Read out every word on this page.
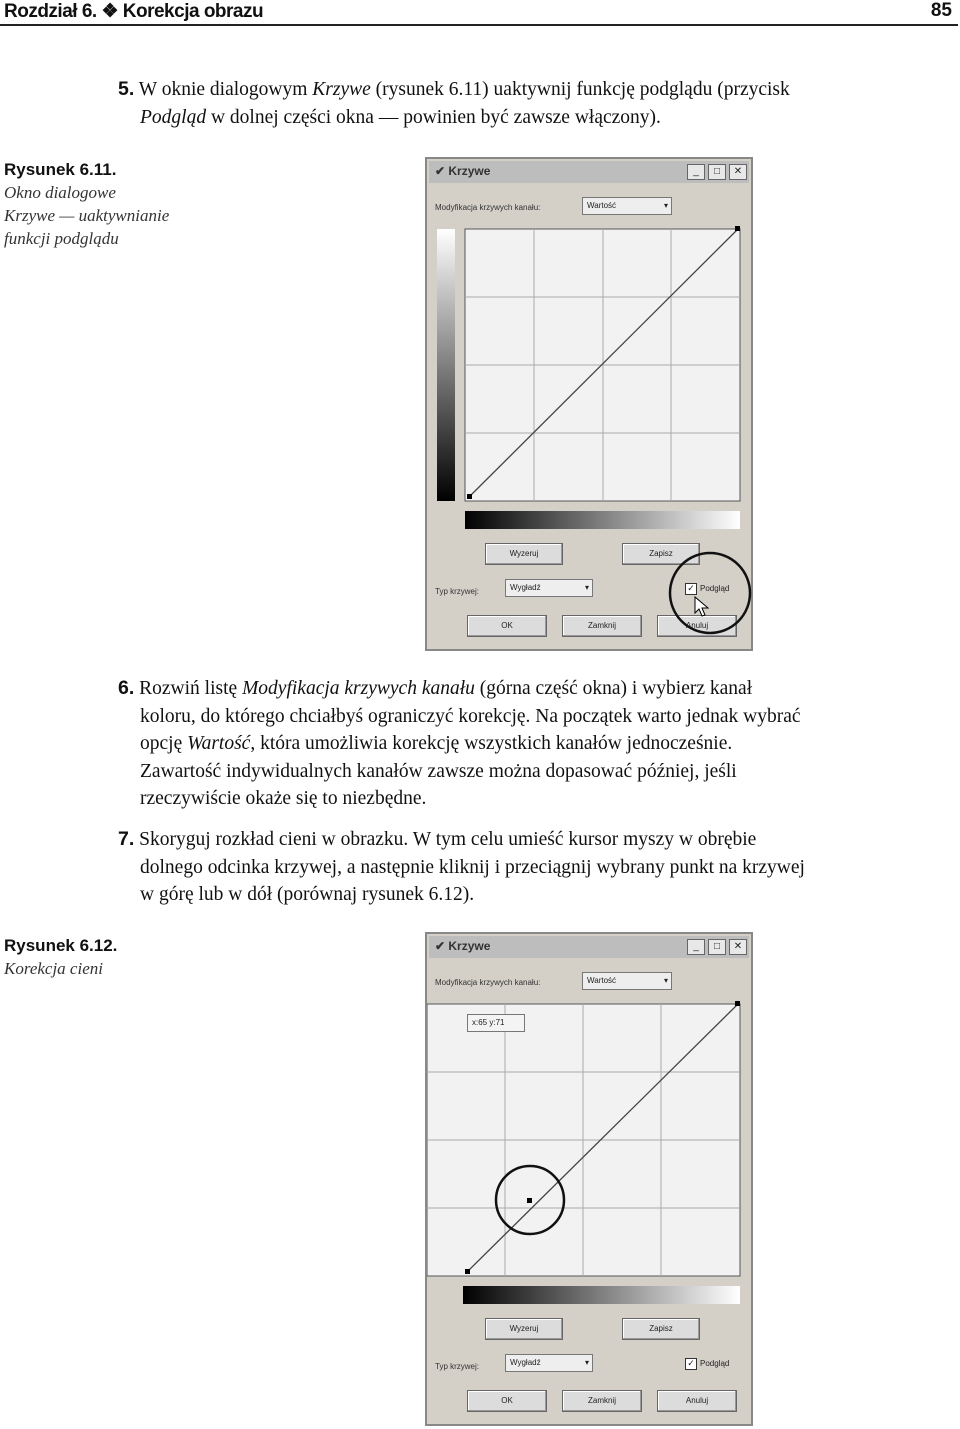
Rozdział 6. ❖ Korekcja obrazu	85
5. W oknie dialogowym Krzywe (rysunek 6.11) uaktywnij funkcję podglądu (przycisk
Podgląd w dolnej części okna — powinien być zawsze włączony).
Rysunek 6.11.
Okno dialogowe
Krzywe — uaktywnianie
funkcji podglądu
✔ Krzywe	_	□	✕
Modyfikacja krzywych kanału:	Wartość	▾
Wyzeruj	Zapisz
Typ krzywej:	Wygładź	▾	✓ Podgląd
OK	Zamknij	Anuluj
6. Rozwiń listę Modyfikacja krzywych kanału (górna część okna) i wybierz kanał
koloru, do którego chciałbyś ograniczyć korekcję. Na początek warto jednak wybrać
opcję Wartość, która umożliwia korekcję wszystkich kanałów jednocześnie.
Zawartość indywidualnych kanałów zawsze można dopasować później, jeśli
rzeczywiście okaże się to niezbędne.
7. Skoryguj rozkład cieni w obrazku. W tym celu umieść kursor myszy w obrębie
dolnego odcinka krzywej, a następnie kliknij i przeciągnij wybrany punkt na krzywej
w górę lub w dół (porównaj rysunek 6.12).
Rysunek 6.12.
Korekcja cieni
✔ Krzywe	_	□	✕
Modyfikacja krzywych kanału:	Wartość	▾
x:65 y:71
Wyzeruj	Zapisz
Typ krzywej:	Wygładź	▾	✓ Podgląd
OK	Zamknij	Anuluj
